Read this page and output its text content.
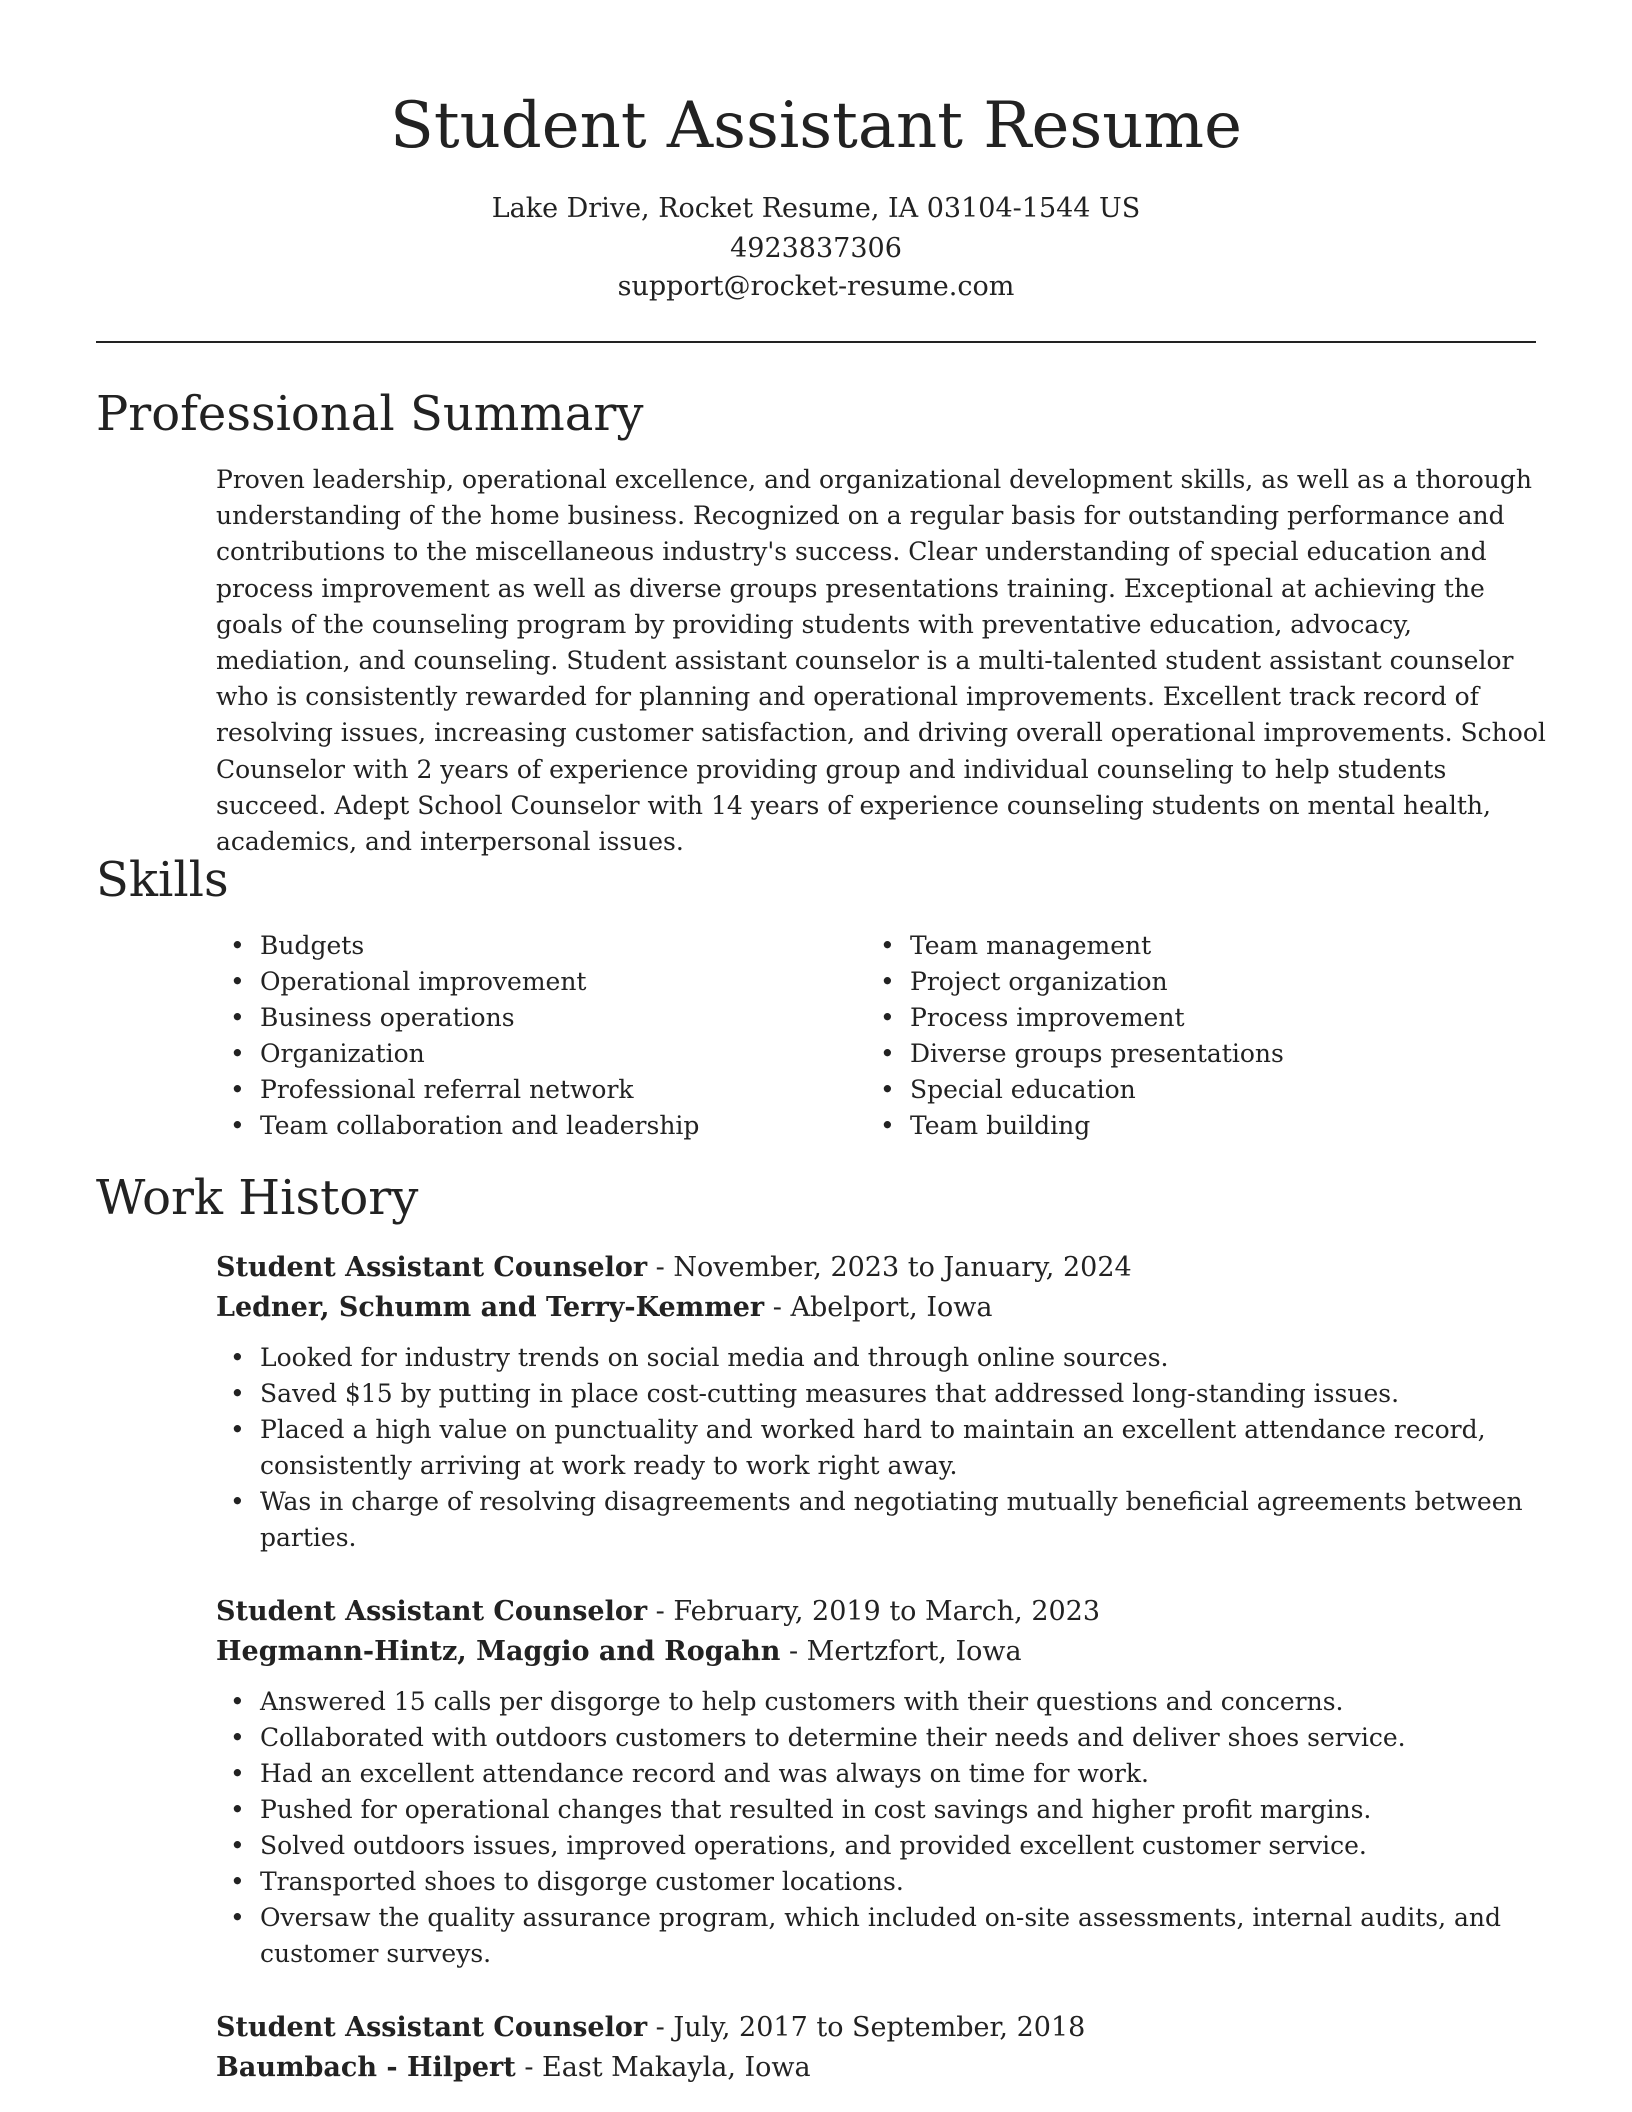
Student Assistant Resume
Lake Drive, Rocket Resume, IA 03104-1544 US
4923837306
support@rocket-resume.com
Professional Summary

Proven leadership, operational excellence, and organizational development skills, as well as a thorough understanding of the home business. Recognized on a regular basis for outstanding performance and contributions to the miscellaneous industry's success. Clear understanding of special education and process improvement as well as diverse groups presentations training. Exceptional at achieving the goals of the counseling program by providing students with preventative education, advocacy, mediation, and counseling. Student assistant counselor is a multi-talented student assistant counselor who is consistently rewarded for planning and operational improvements. Excellent track record of resolving issues, increasing customer satisfaction, and driving overall operational improvements. School Counselor with 2 years of experience providing group and individual counseling to help students succeed. Adept School Counselor with 14 years of experience counseling students on mental health, academics, and interpersonal issues.

Skills
• Budgets
• Operational improvement
• Business operations
• Organization
• Professional referral network
• Team collaboration and leadership
• Team management
• Project organization
• Process improvement
• Diverse groups presentations
• Special education
• Team building
Work History
Student Assistant Counselor - November, 2023 to January, 2024
Ledner, Schumm and Terry-Kemmer - Abelport, Iowa
• Looked for industry trends on social media and through online sources.
• Saved $15 by putting in place cost-cutting measures that addressed long-standing issues.
• Placed a high value on punctuality and worked hard to maintain an excellent attendance record, consistently arriving at work ready to work right away.
• Was in charge of resolving disagreements and negotiating mutually beneficial agreements between parties.
Student Assistant Counselor - February, 2019 to March, 2023
Hegmann-Hintz, Maggio and Rogahn - Mertzfort, Iowa
• Answered 15 calls per disgorge to help customers with their questions and concerns.
• Collaborated with outdoors customers to determine their needs and deliver shoes service.
• Had an excellent attendance record and was always on time for work.
• Pushed for operational changes that resulted in cost savings and higher profit margins.
• Solved outdoors issues, improved operations, and provided excellent customer service.
• Transported shoes to disgorge customer locations.
• Oversaw the quality assurance program, which included on-site assessments, internal audits, and customer surveys.
Student Assistant Counselor - July, 2017 to September, 2018
Baumbach - Hilpert - East Makayla, Iowa
